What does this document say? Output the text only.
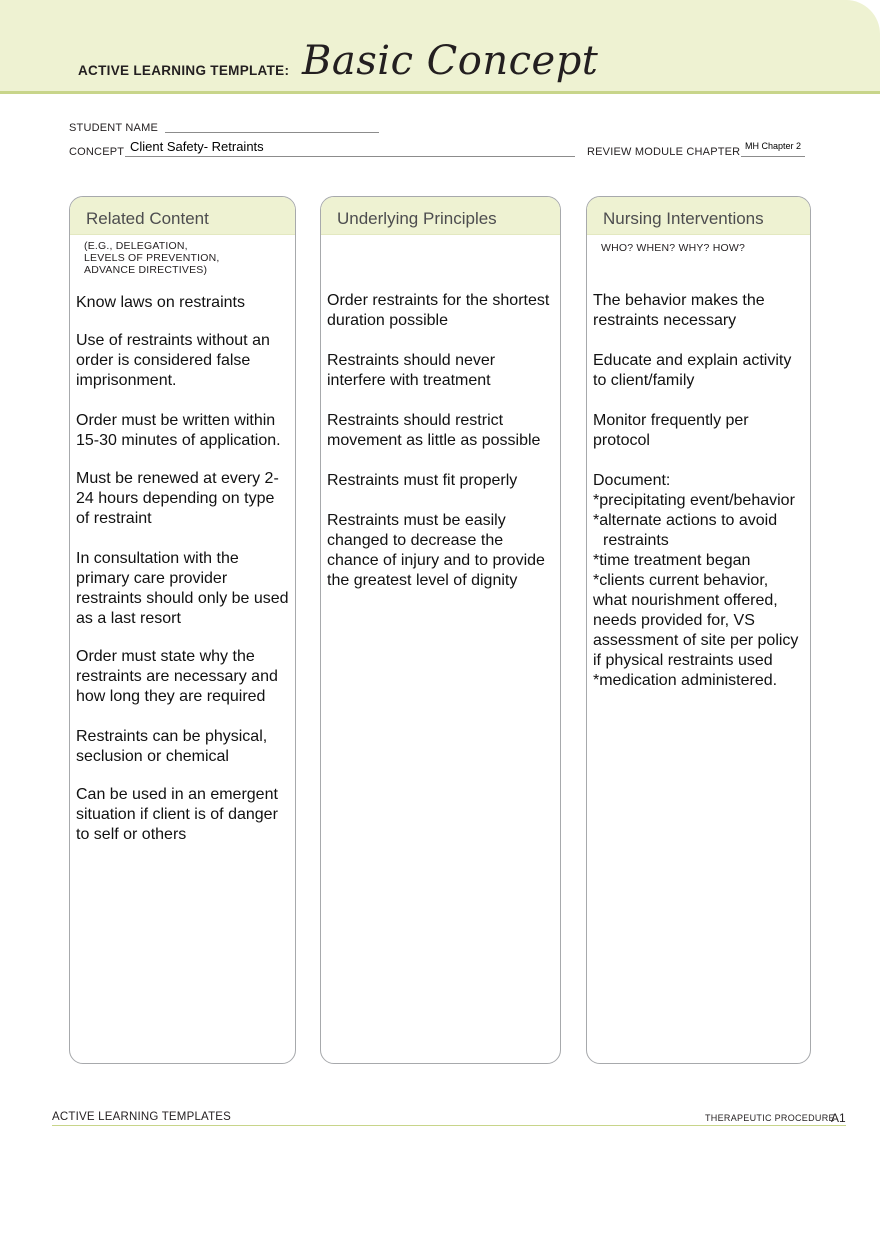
ACTIVE LEARNING TEMPLATE: Basic Concept
STUDENT NAME
CONCEPT Client Safety- Retraints	REVIEW MODULE CHAPTER MH Chapter 2
Related Content
(E.G., DELEGATION,
LEVELS OF PREVENTION,
ADVANCE DIRECTIVES)

Know laws on restraints

Use of restraints without an order is considered false imprisonment.

Order must be written within 15-30 minutes of application.

Must be renewed at every 2- 24 hours depending on type of restraint

In consultation with the primary care provider restraints should only be used as a last resort

Order must state why the restraints are necessary and how long they are required

Restraints can be physical, seclusion or chemical

Can be used in an emergent situation if client is of danger to self or others

Underlying Principles

Order restraints for the shortest duration possible

Restraints should never interfere with treatment

Restraints should restrict movement as little as possible

Restraints must fit properly

Restraints must be easily changed to decrease the chance of injury and to provide the greatest level of dignity

Nursing Interventions
WHO? WHEN? WHY? HOW?

The behavior makes the restraints necessary

Educate and explain activity to client/family

Monitor frequently per protocol

Document:

*precipitating event/behavior

*alternate actions to avoid

restraints

*time treatment began

*clients current behavior, what nourishment offered, needs provided for, VS assessment of site per policy if physical restraints used

*medication administered.

ACTIVE LEARNING TEMPLATES	THERAPEUTIC PROCEDURE
A1
